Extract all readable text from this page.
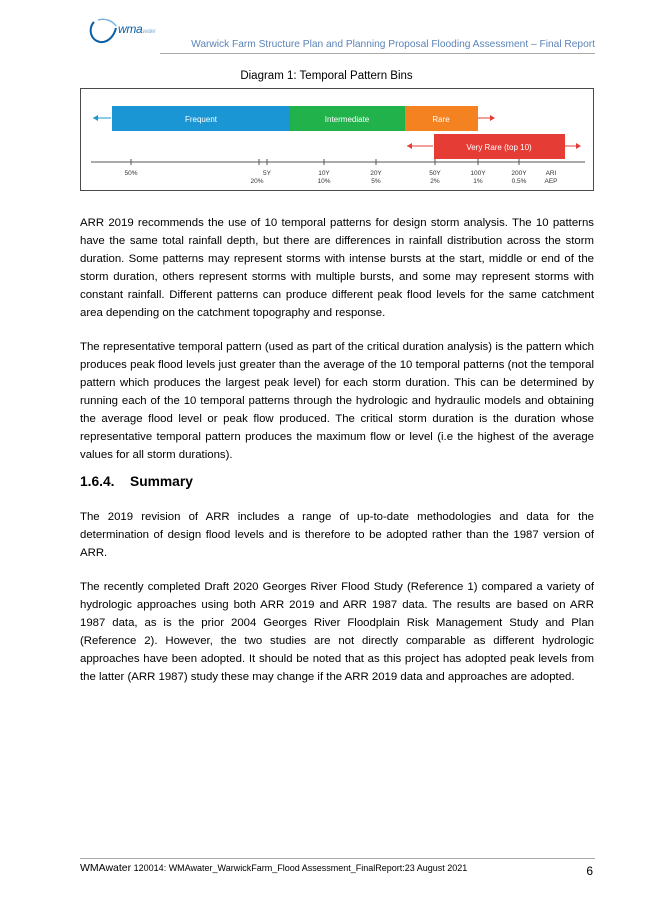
wmawater
Warwick Farm Structure Plan and Planning Proposal Flooding Assessment – Final Report
Diagram 1: Temporal Pattern Bins
Frequent	Intermediate	Rare
Very Rare (top 10)
50%	5Y	10Y	20Y	50Y	100Y	200Y	ARI
20%	10%	5%	2%	1%	0.5%	AEP

ARR 2019 recommends the use of 10 temporal patterns for design storm analysis. The 10 patterns have the same total rainfall depth, but there are differences in rainfall distribution across the storm duration. Some patterns may represent storms with intense bursts at the start, middle or end of the storm duration, others represent storms with multiple bursts, and some may represent storms with constant rainfall. Different patterns can produce different peak flood levels for the same catchment area depending on the catchment topography and response.

The representative temporal pattern (used as part of the critical duration analysis) is the pattern which produces peak flood levels just greater than the average of the 10 temporal patterns (not the temporal pattern which produces the largest peak level) for each storm duration. This can be determined by running each of the 10 temporal patterns through the hydrologic and hydraulic models and obtaining the average flood level or peak flow produced. The critical storm duration is the duration whose representative temporal pattern produces the maximum flow or level (i.e the highest of the average values for all storm durations).

1.6.4. Summary

The 2019 revision of ARR includes a range of up-to-date methodologies and data for the determination of design flood levels and is therefore to be adopted rather than the 1987 version of ARR.

The recently completed Draft 2020 Georges River Flood Study (Reference 1) compared a variety of hydrologic approaches using both ARR 2019 and ARR 1987 data. The results are based on ARR 1987 data, as is the prior 2004 Georges River Floodplain Risk Management Study and Plan (Reference 2). However, the two studies are not directly comparable as different hydrologic approaches have been adopted. It should be noted that as this project has adopted peak levels from the latter (ARR 1987) study these may change if the ARR 2019 data and approaches are adopted.

WMAwater 120014: WMAwater_WarwickFarm_Flood Assessment_FinalReport:23 August 2021	6
